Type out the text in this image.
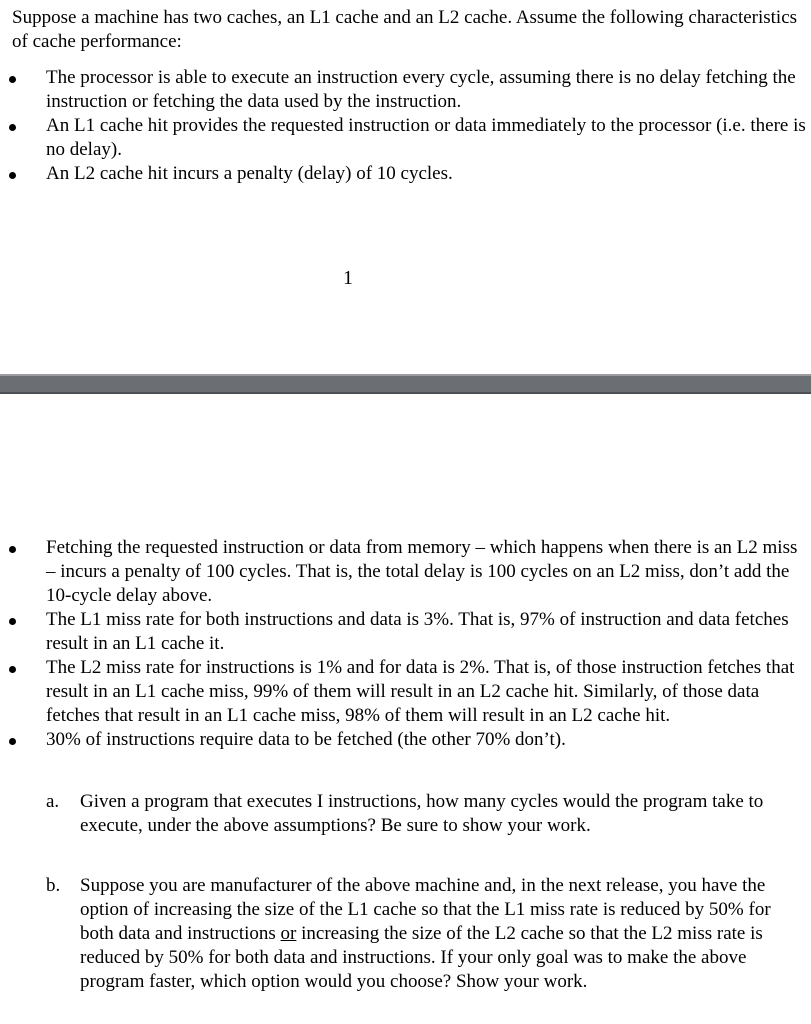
Suppose a machine has two caches, an L1 cache and an L2 cache. Assume the following characteristics of cache performance:

The processor is able to execute an instruction every cycle, assuming there is no delay fetching the instruction or fetching the data used by the instruction.
An L1 cache hit provides the requested instruction or data immediately to the processor (i.e. there is no delay).
An L2 cache hit incurs a penalty (delay) of 10 cycles.
1
Fetching the requested instruction or data from memory – which happens when there is an L2 miss – incurs a penalty of 100 cycles. That is, the total delay is 100 cycles on an L2 miss, don’t add the 10-cycle delay above.
The L1 miss rate for both instructions and data is 3%. That is, 97% of instruction and data fetches result in an L1 cache it.
The L2 miss rate for instructions is 1% and for data is 2%. That is, of those instruction fetches that result in an L1 cache miss, 99% of them will result in an L2 cache hit. Similarly, of those data fetches that result in an L1 cache miss, 98% of them will result in an L2 cache hit.
30% of instructions require data to be fetched (the other 70% don’t).
a. Given a program that executes I instructions, how many cycles would the program take to execute, under the above assumptions? Be sure to show your work.
b. Suppose you are manufacturer of the above machine and, in the next release, you have the option of increasing the size of the L1 cache so that the L1 miss rate is reduced by 50% for both data and instructions or increasing the size of the L2 cache so that the L2 miss rate is reduced by 50% for both data and instructions. If your only goal was to make the above program faster, which option would you choose? Show your work.
